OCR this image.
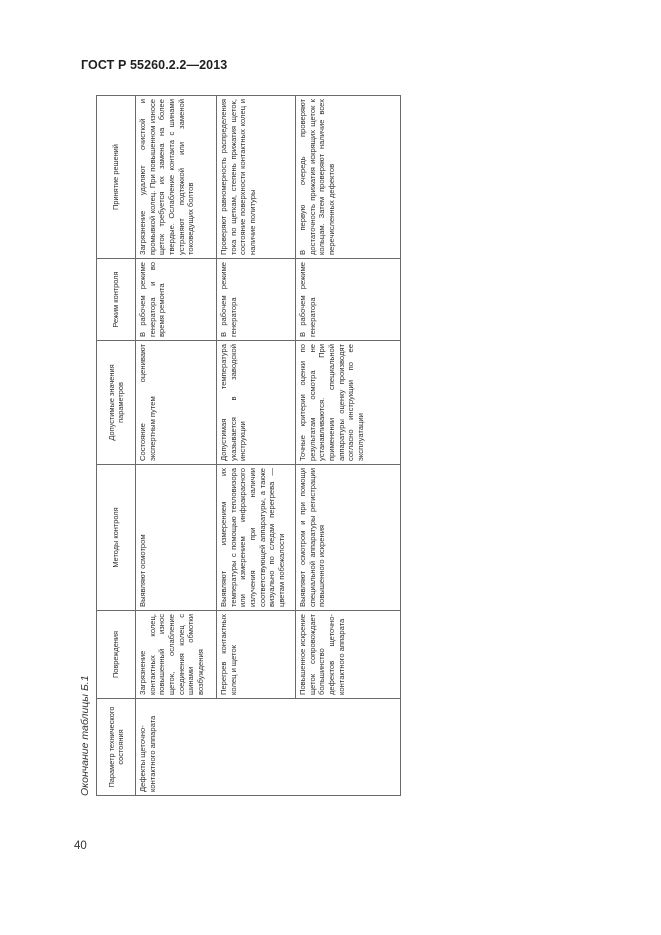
ГОСТ Р 55260.2.2—2013
Окончание таблицы Б.1 Параметр технического состояния	Повреждения	Методы контроля	Допустимые значения параметров	Режим контроля	Принятие решений
Дефекты щеточно-контактного аппарата	Загрязнение контактных колец, повышенный износ щеток, ослабление соединения колец с шинами обмотки возбуждения	Выявляют осмотром	Состояние оценивают экспертным путем	В рабочем режиме генератора и во время ремонта	Загрязнение удаляют очисткой и промывкой колец. При повышенном износе щеток требуется их замена на более твердые. Ослабление контакта с шинами устраняют подтяжкой или заменой токоведущих болтов
	Перегрев контактных колец и щеток	Выявляют измерением их температуры с помощью тепловизора или измерением инфракрасного излучения при наличии соответствующей аппаратуры, а также визуально по следам перегрева — цветам побежалости	Допустимая температура указывается в заводской инструкции	В рабочем режиме генератора	Проверяют равномерность распределения тока по щеткам, степень прижатия щеток, состояние поверхности контактных колец и наличие политуры
	Повышенное искрение щеток сопровождает большинство дефектов щеточно-контактного аппарата	Выявляют осмотром и при помощи специальной аппаратуры регистрации повышенного искрения	Точные критерии оценки по результатам осмотра не устанавливаются. При применении специальной аппаратуры оценку производят согласно инструкции по ее эксплуатации	В рабочем режиме генератора	В первую очередь проверяют достаточность прижатия искрящих щеток к кольцам. Затем проверяют наличие всех перечисленных дефектов
40
